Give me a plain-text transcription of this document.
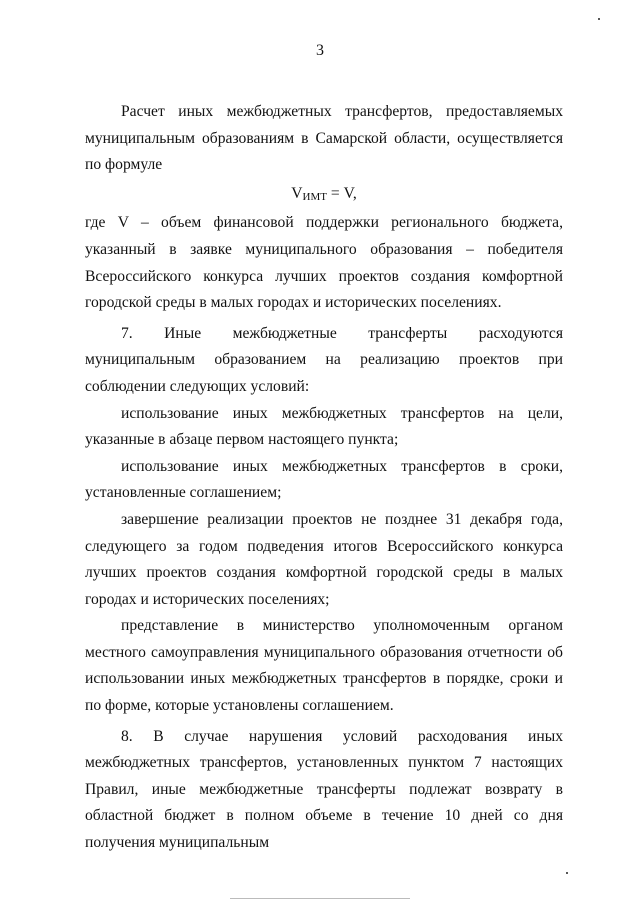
3

Расчет иных межбюджетных трансфертов, предоставляемых муниципальным образованиям в Самарской области, осуществляется по формуле

VИМТ = V,

где V – объем финансовой поддержки регионального бюджета, указанный в заявке муниципального образования – победителя Всероссийского конкурса лучших проектов создания комфортной городской среды в малых городах и исторических поселениях.

7. Иные межбюджетные трансферты расходуются муниципальным образованием на реализацию проектов при соблюдении следующих условий:

использование иных межбюджетных трансфертов на цели, указанные в абзаце первом настоящего пункта;

использование иных межбюджетных трансфертов в сроки, установленные соглашением;

завершение реализации проектов не позднее 31 декабря года, следующего за годом подведения итогов Всероссийского конкурса лучших проектов создания комфортной городской среды в малых городах и исторических поселениях;

представление в министерство уполномоченным органом местного самоуправления муниципального образования отчетности об использовании иных межбюджетных трансфертов в порядке, сроки и по форме, которые установлены соглашением.

8. В случае нарушения условий расходования иных межбюджетных трансфертов, установленных пунктом 7 настоящих Правил, иные межбюджетные трансферты подлежат возврату в областной бюджет в полном объеме в течение 10 дней со дня получения муниципальным
